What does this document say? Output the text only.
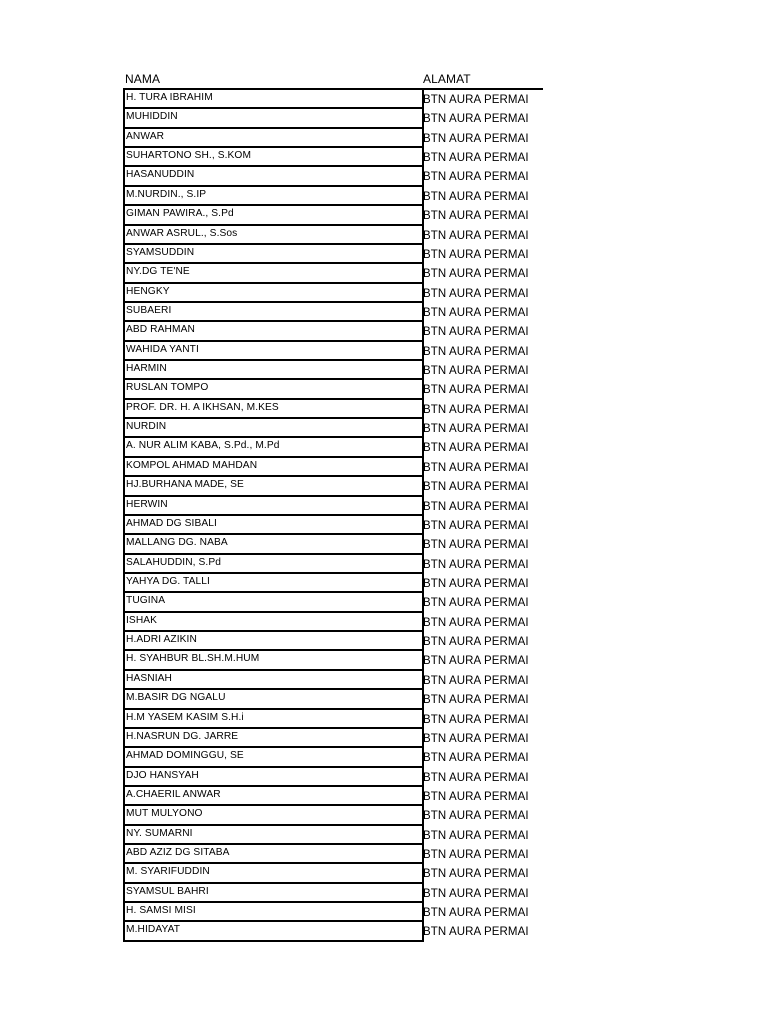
NAMA	ALAMAT
H. TURA IBRAHIM	BTN AURA PERMAI
MUHIDDIN	BTN AURA PERMAI
ANWAR	BTN AURA PERMAI
SUHARTONO SH., S.KOM	BTN AURA PERMAI
HASANUDDIN	BTN AURA PERMAI
M.NURDIN., S.IP	BTN AURA PERMAI
GIMAN PAWIRA., S.Pd	BTN AURA PERMAI
ANWAR ASRUL., S.Sos	BTN AURA PERMAI
SYAMSUDDIN	BTN AURA PERMAI
NY.DG TE'NE	BTN AURA PERMAI
HENGKY	BTN AURA PERMAI
SUBAERI	BTN AURA PERMAI
ABD RAHMAN	BTN AURA PERMAI
WAHIDA YANTI	BTN AURA PERMAI
HARMIN	BTN AURA PERMAI
RUSLAN TOMPO	BTN AURA PERMAI
PROF. DR. H. A IKHSAN, M.KES	BTN AURA PERMAI
NURDIN	BTN AURA PERMAI
A. NUR ALIM KABA, S.Pd., M.Pd	BTN AURA PERMAI
KOMPOL AHMAD MAHDAN	BTN AURA PERMAI
HJ.BURHANA MADE, SE	BTN AURA PERMAI
HERWIN	BTN AURA PERMAI
AHMAD DG SIBALI	BTN AURA PERMAI
MALLANG DG. NABA	BTN AURA PERMAI
SALAHUDDIN, S.Pd	BTN AURA PERMAI
YAHYA DG. TALLI	BTN AURA PERMAI
TUGINA	BTN AURA PERMAI
ISHAK	BTN AURA PERMAI
H.ADRI AZIKIN	BTN AURA PERMAI
H. SYAHBUR BL.SH.M.HUM	BTN AURA PERMAI
HASNIAH	BTN AURA PERMAI
M.BASIR DG NGALU	BTN AURA PERMAI
H.M YASEM KASIM S.H.i	BTN AURA PERMAI
H.NASRUN DG. JARRE	BTN AURA PERMAI
AHMAD DOMINGGU, SE	BTN AURA PERMAI
DJO HANSYAH	BTN AURA PERMAI
A.CHAERIL ANWAR	BTN AURA PERMAI
MUT MULYONO	BTN AURA PERMAI
NY. SUMARNI	BTN AURA PERMAI
ABD AZIZ DG SITABA	BTN AURA PERMAI
M. SYARIFUDDIN	BTN AURA PERMAI
SYAMSUL BAHRI	BTN AURA PERMAI
H. SAMSI MISI	BTN AURA PERMAI
M.HIDAYAT	BTN AURA PERMAI
